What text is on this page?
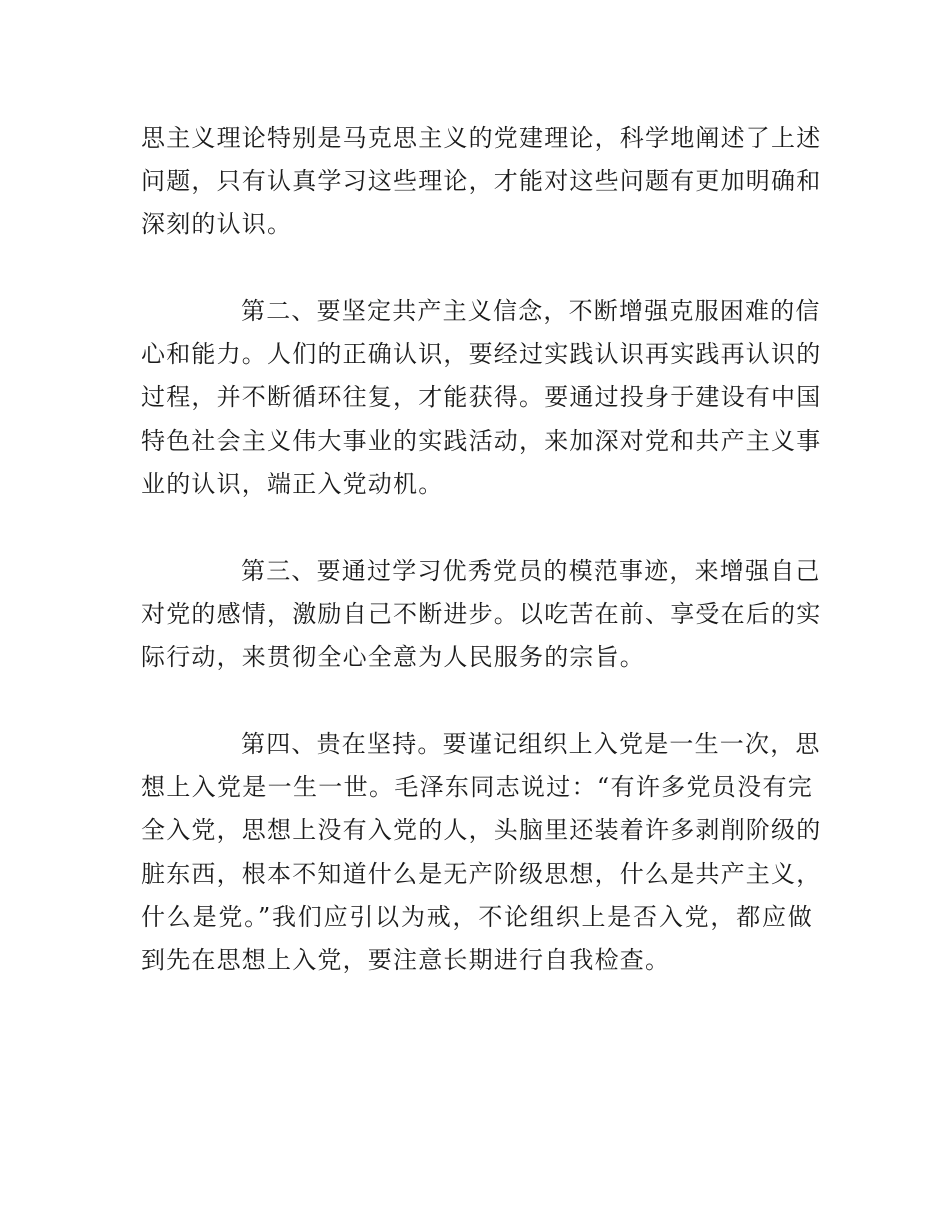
思主义理论特别是马克思主义的党建理论，科学地阐述了上述
问题，只有认真学习这些理论，才能对这些问题有更加明确和
深刻的认识。
第二、要坚定共产主义信念，不断增强克服困难的信
心和能力。人们的正确认识，要经过实践认识再实践再认识的
过程，并不断循环往复，才能获得。要通过投身于建设有中国
特色社会主义伟大事业的实践活动，来加深对党和共产主义事
业的认识，端正入党动机。
第三、要通过学习优秀党员的模范事迹，来增强自己
对党的感情，激励自己不断进步。以吃苦在前、享受在后的实
际行动，来贯彻全心全意为人民服务的宗旨。
第四、贵在坚持。要谨记组织上入党是一生一次，思
想上入党是一生一世。毛泽东同志说过：“有许多党员没有完
全入党，思想上没有入党的人，头脑里还装着许多剥削阶级的
脏东西，根本不知道什么是无产阶级思想，什么是共产主义，
什么是党。”我们应引以为戒，不论组织上是否入党，都应做
到先在思想上入党，要注意长期进行自我检查。
